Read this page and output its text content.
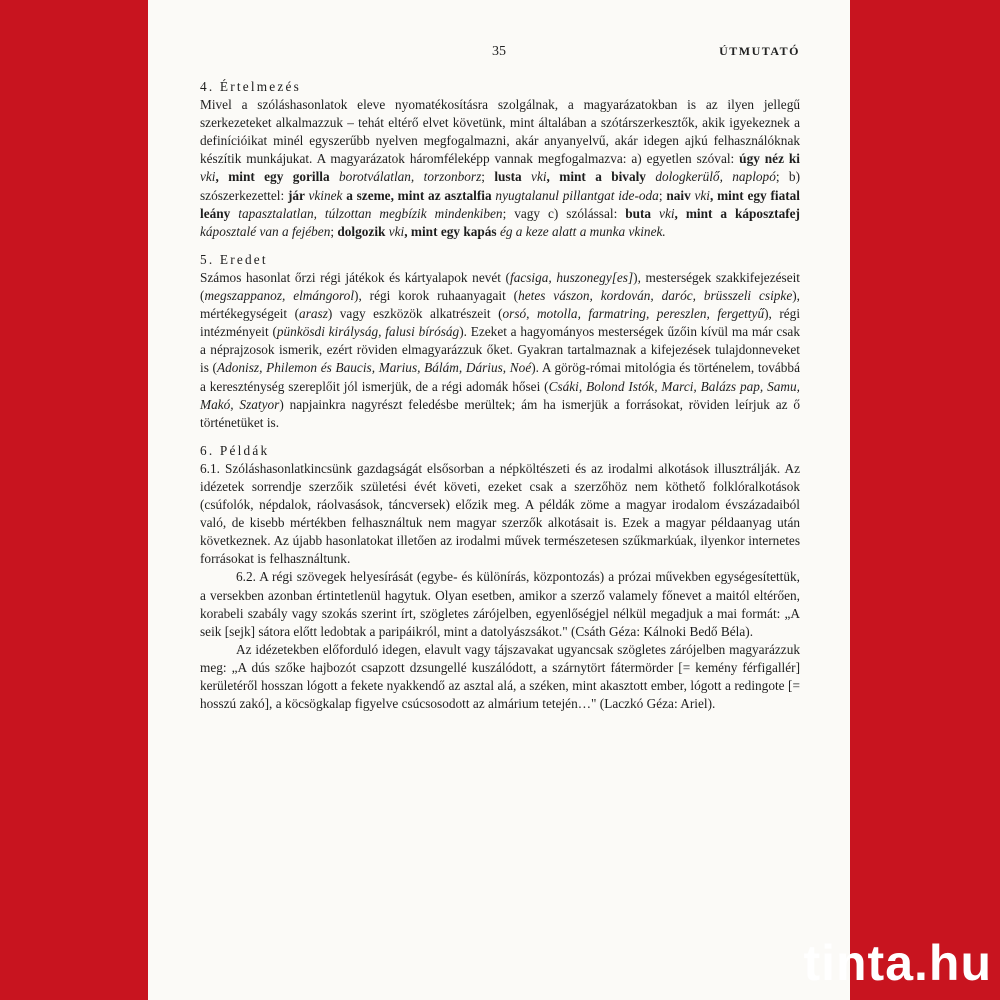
35	ÚTMUTATÓ
4. Értelmezés

Mivel a szóláshasonlatok eleve nyomatékosításra szolgálnak, a magyarázatokban is az ilyen jellegű szerkezeteket alkalmazzuk – tehát eltérő elvet követünk, mint általában a szótárszerkesztők, akik igyekeznek a definícióikat minél egyszerűbb nyelven megfogalmazni, akár anyanyelvű, akár idegen ajkú felhasználóknak készítik munkájukat. A magyarázatok háromféleképp vannak megfogalmazva: a) egyetlen szóval: úgy néz ki vki, mint egy gorilla borotválatlan, torzonborz; lusta vki, mint a bivaly dologkerülő, naplopó; b) szószerkezettel: jár vkinek a szeme, mint az asztalfia nyugtalanul pillantgat ide-oda; naiv vki, mint egy fiatal leány tapasztalatlan, túlzottan megbízik mindenkiben; vagy c) szólással: buta vki, mint a káposztafej káposztalé van a fejében; dolgozik vki, mint egy kapás ég a keze alatt a munka vkinek.

5. Eredet

Számos hasonlat őrzi régi játékok és kártyalapok nevét (facsiga, huszonegy[es]), mesterségek szakkifejezéseit (megszappanoz, elmángorol), régi korok ruhaanyagait (hetes vászon, kordován, daróc, brüsszeli csipke), mértékegységeit (arasz) vagy eszközök alkatrészeit (orsó, motolla, farmatring, pereszlen, fergettyű), régi intézményeit (pünkösdi királyság, falusi bíróság). Ezeket a hagyományos mesterségek űzőin kívül ma már csak a néprajzosok ismerik, ezért röviden elmagyarázzuk őket. Gyakran tartalmaznak a kifejezések tulajdonneveket is (Adonisz, Philemon és Baucis, Marius, Bálám, Dárius, Noé). A görög-római mitológia és történelem, továbbá a kereszténység szereplőit jól ismerjük, de a régi adomák hősei (Csáki, Bolond Istók, Marci, Balázs pap, Samu, Makó, Szatyor) napjainkra nagyrészt feledésbe merültek; ám ha ismerjük a forrásokat, röviden leírjuk az ő történetüket is.

6. Példák

6.1. Szóláshasonlatkincsünk gazdagságát elsősorban a népköltészeti és az irodalmi alkotások illusztrálják. Az idézetek sorrendje szerzőik születési évét követi, ezeket csak a szerzőhöz nem köthető folklóralkotások (csúfolók, népdalok, ráolvasások, táncversek) előzik meg. A példák zöme a magyar irodalom évszázadaiból való, de kisebb mértékben felhasználtuk nem magyar szerzők alkotásait is. Ezek a magyar példaanyag után következnek. Az újabb hasonlatokat illetően az irodalmi művek természetesen szűkmarkúak, ilyenkor internetes forrásokat is felhasználtunk.

6.2. A régi szövegek helyesírását (egybe- és különírás, központozás) a prózai művekben egységesítettük, a versekben azonban értintetlenül hagytuk. Olyan esetben, amikor a szerző valamely főnevet a maitól eltérően, korabeli szabály vagy szokás szerint írt, szögletes zárójelben, egyenlőségjel nélkül megadjuk a mai formát: „A seik [sejk] sátora előtt ledobtak a paripáikról, mint a datolyászsákot." (Csáth Géza: Kálnoki Bedő Béla).

Az idézetekben előforduló idegen, elavult vagy tájszavakat ugyancsak szögletes zárójelben magyarázzuk meg: „A dús szőke hajbozót csapzott dzsungellé kuszálódott, a szárnytört fátermörder [= kemény férfigallér] kerületéről hosszan lógott a fekete nyakkendő az asztal alá, a széken, mint akasztott ember, lógott a redingote [= hosszú zakó], a köcsögkalap figyelve csúcsosodott az almárium tetején…" (Laczkó Géza: Ariel).

tinta.hu
